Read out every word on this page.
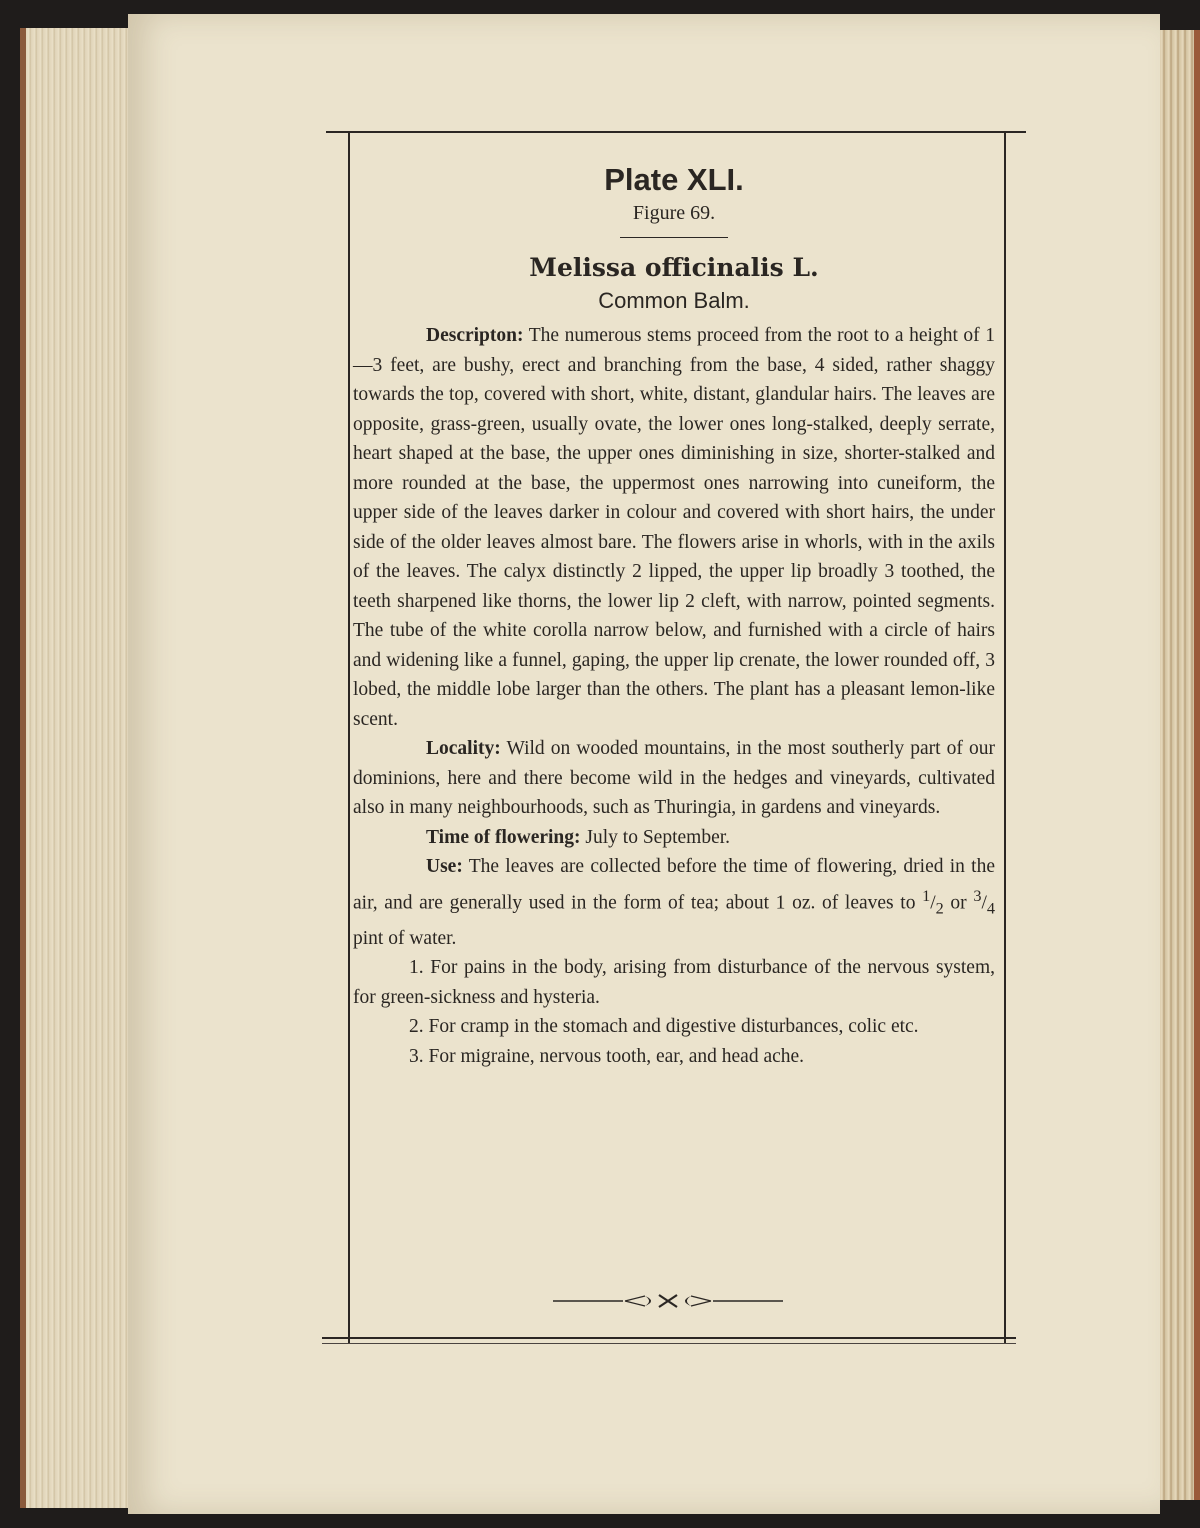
Plate XLI.
Figure 69.
Melissa officinalis L.
Common Balm.

Descripton: The numerous stems proceed from the root to a height of 1—3 feet, are bushy, erect and branching from the base, 4 sided, rather shaggy towards the top, covered with short, white, distant, glandular hairs. The leaves are opposite, grass-green, usually ovate, the lower ones long-stalked, deeply serrate, heart shaped at the base, the upper ones diminishing in size, shorter-stalked and more rounded at the base, the uppermost ones narrowing into cuneiform, the upper side of the leaves darker in colour and covered with short hairs, the under side of the older leaves almost bare. The flowers arise in whorls, with in the axils of the leaves. The calyx distinctly 2 lipped, the upper lip broadly 3 toothed, the teeth sharpened like thorns, the lower lip 2 cleft, with narrow, pointed segments. The tube of the white corolla narrow below, and furnished with a circle of hairs and widening like a funnel, gaping, the upper lip crenate, the lower rounded off, 3 lobed, the middle lobe larger than the others. The plant has a pleasant lemon-like scent.

Locality: Wild on wooded mountains, in the most southerly part of our dominions, here and there become wild in the hedges and vineyards, cultivated also in many neighbourhoods, such as Thuringia, in gardens and vineyards.

Time of flowering: July to September.

Use: The leaves are collected before the time of flowering, dried in the air, and are generally used in the form of tea; about 1 oz. of leaves to $^1/_2$ or $^3/_4$ pint of water.

1. For pains in the body, arising from disturbance of the nervous system, for green-sickness and hysteria.

2. For cramp in the stomach and digestive disturbances, colic etc.

3. For migraine, nervous tooth, ear, and head ache.
